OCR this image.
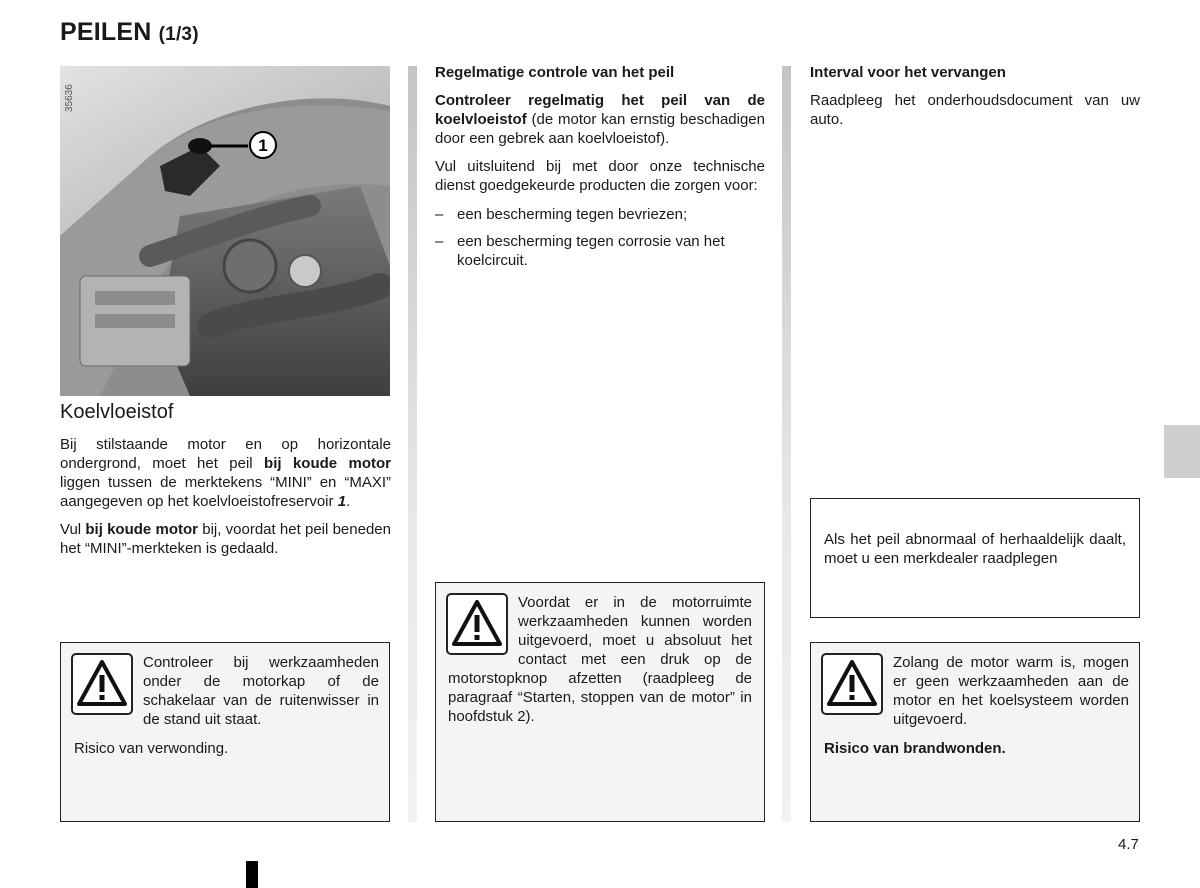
PEILEN (1/3)
1
35636
Koelvloeistof

Bij stilstaande motor en op horizontale ondergrond, moet het peil bij koude motor liggen tussen de merktekens “MINI” en “MAXI” aangegeven op het koelvloeistofreservoir 1.

Vul bij koude motor bij, voordat het peil beneden het “MINI”-merkteken is gedaald.

Controleer bij werkzaamheden onder de motorkap of de schakelaar van de ruitenwisser in de stand uit staat.
Risico van verwonding.
Regelmatige controle van het peil

Controleer regelmatig het peil van de koelvloeistof (de motor kan ernstig beschadigen door een gebrek aan koelvloeistof).

Vul uitsluitend bij met door onze technische dienst goedgekeurde producten die zorgen voor:

– een bescherming tegen bevriezen;
– een bescherming tegen corrosie van het koelcircuit.
Voordat er in de motorruimte werkzaamheden kunnen worden uitgevoerd, moet u absoluut het contact met een druk op de motorstopknop afzetten (raadpleeg de paragraaf “Starten, stoppen van de motor” in hoofdstuk 2).
Interval voor het vervangen

Raadpleeg het onderhoudsdocument van uw auto.

Als het peil abnormaal of herhaaldelijk daalt, moet u een merkdealer raadplegen
Zolang de motor warm is, mogen er geen werkzaamheden aan de motor en het koelsysteem worden uitgevoerd.
Risico van brandwonden.
4.7
